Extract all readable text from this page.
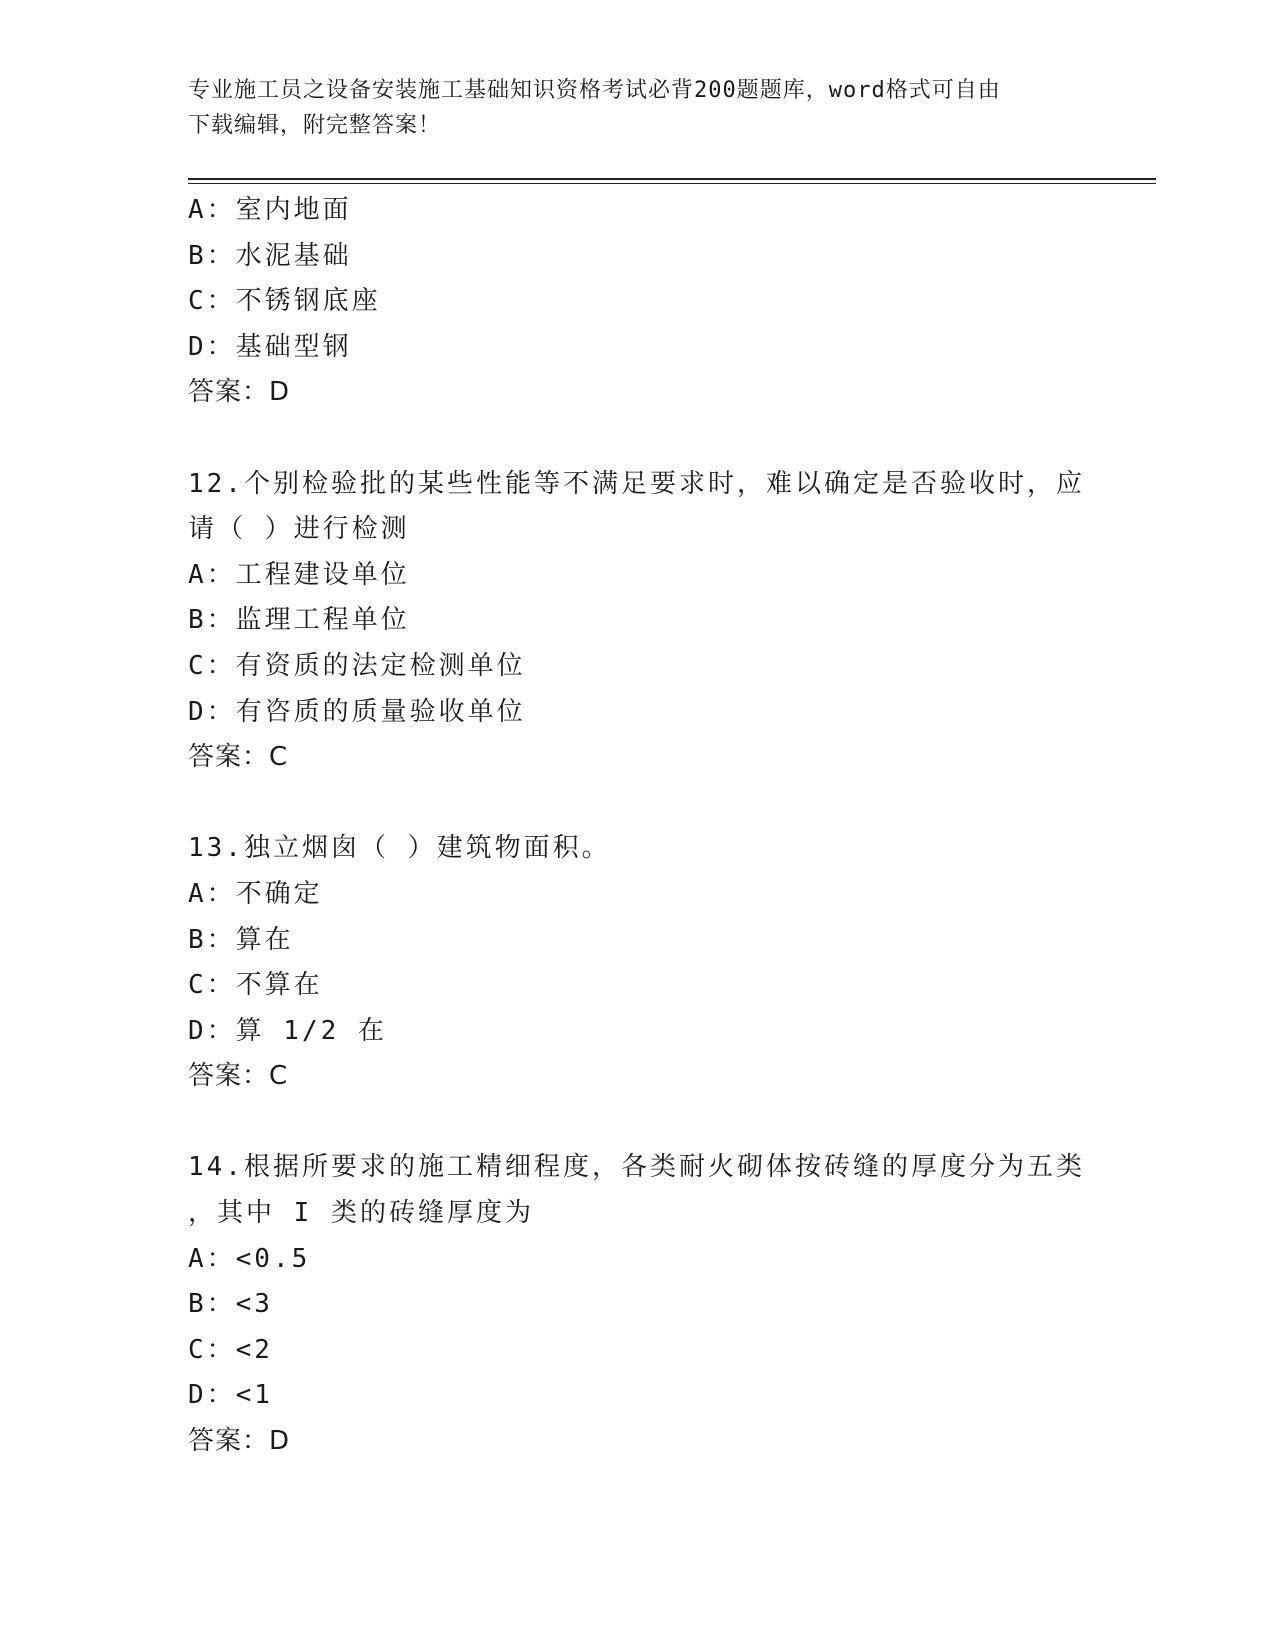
专业施工员之设备安装施工基础知识资格考试必背200题题库，word格式可自由
下载编辑，附完整答案！
A：室内地面
B：水泥基础
C：不锈钢底座
D：基础型钢
答案：D
12.个别检验批的某些性能等不满足要求时，难以确定是否验收时，应
请（ ）进行检测
A：工程建设单位
B：监理工程单位
C：有资质的法定检测单位
D：有咨质的质量验收单位
答案：C
13.独立烟囱（ ）建筑物面积。
A：不确定
B：算在
C：不算在
D：算 1/2 在
答案：C
14.根据所要求的施工精细程度，各类耐火砌体按砖缝的厚度分为五类
，其中 I 类的砖缝厚度为
A：<0.5
B：<3
C：<2
D：<1
答案：D
